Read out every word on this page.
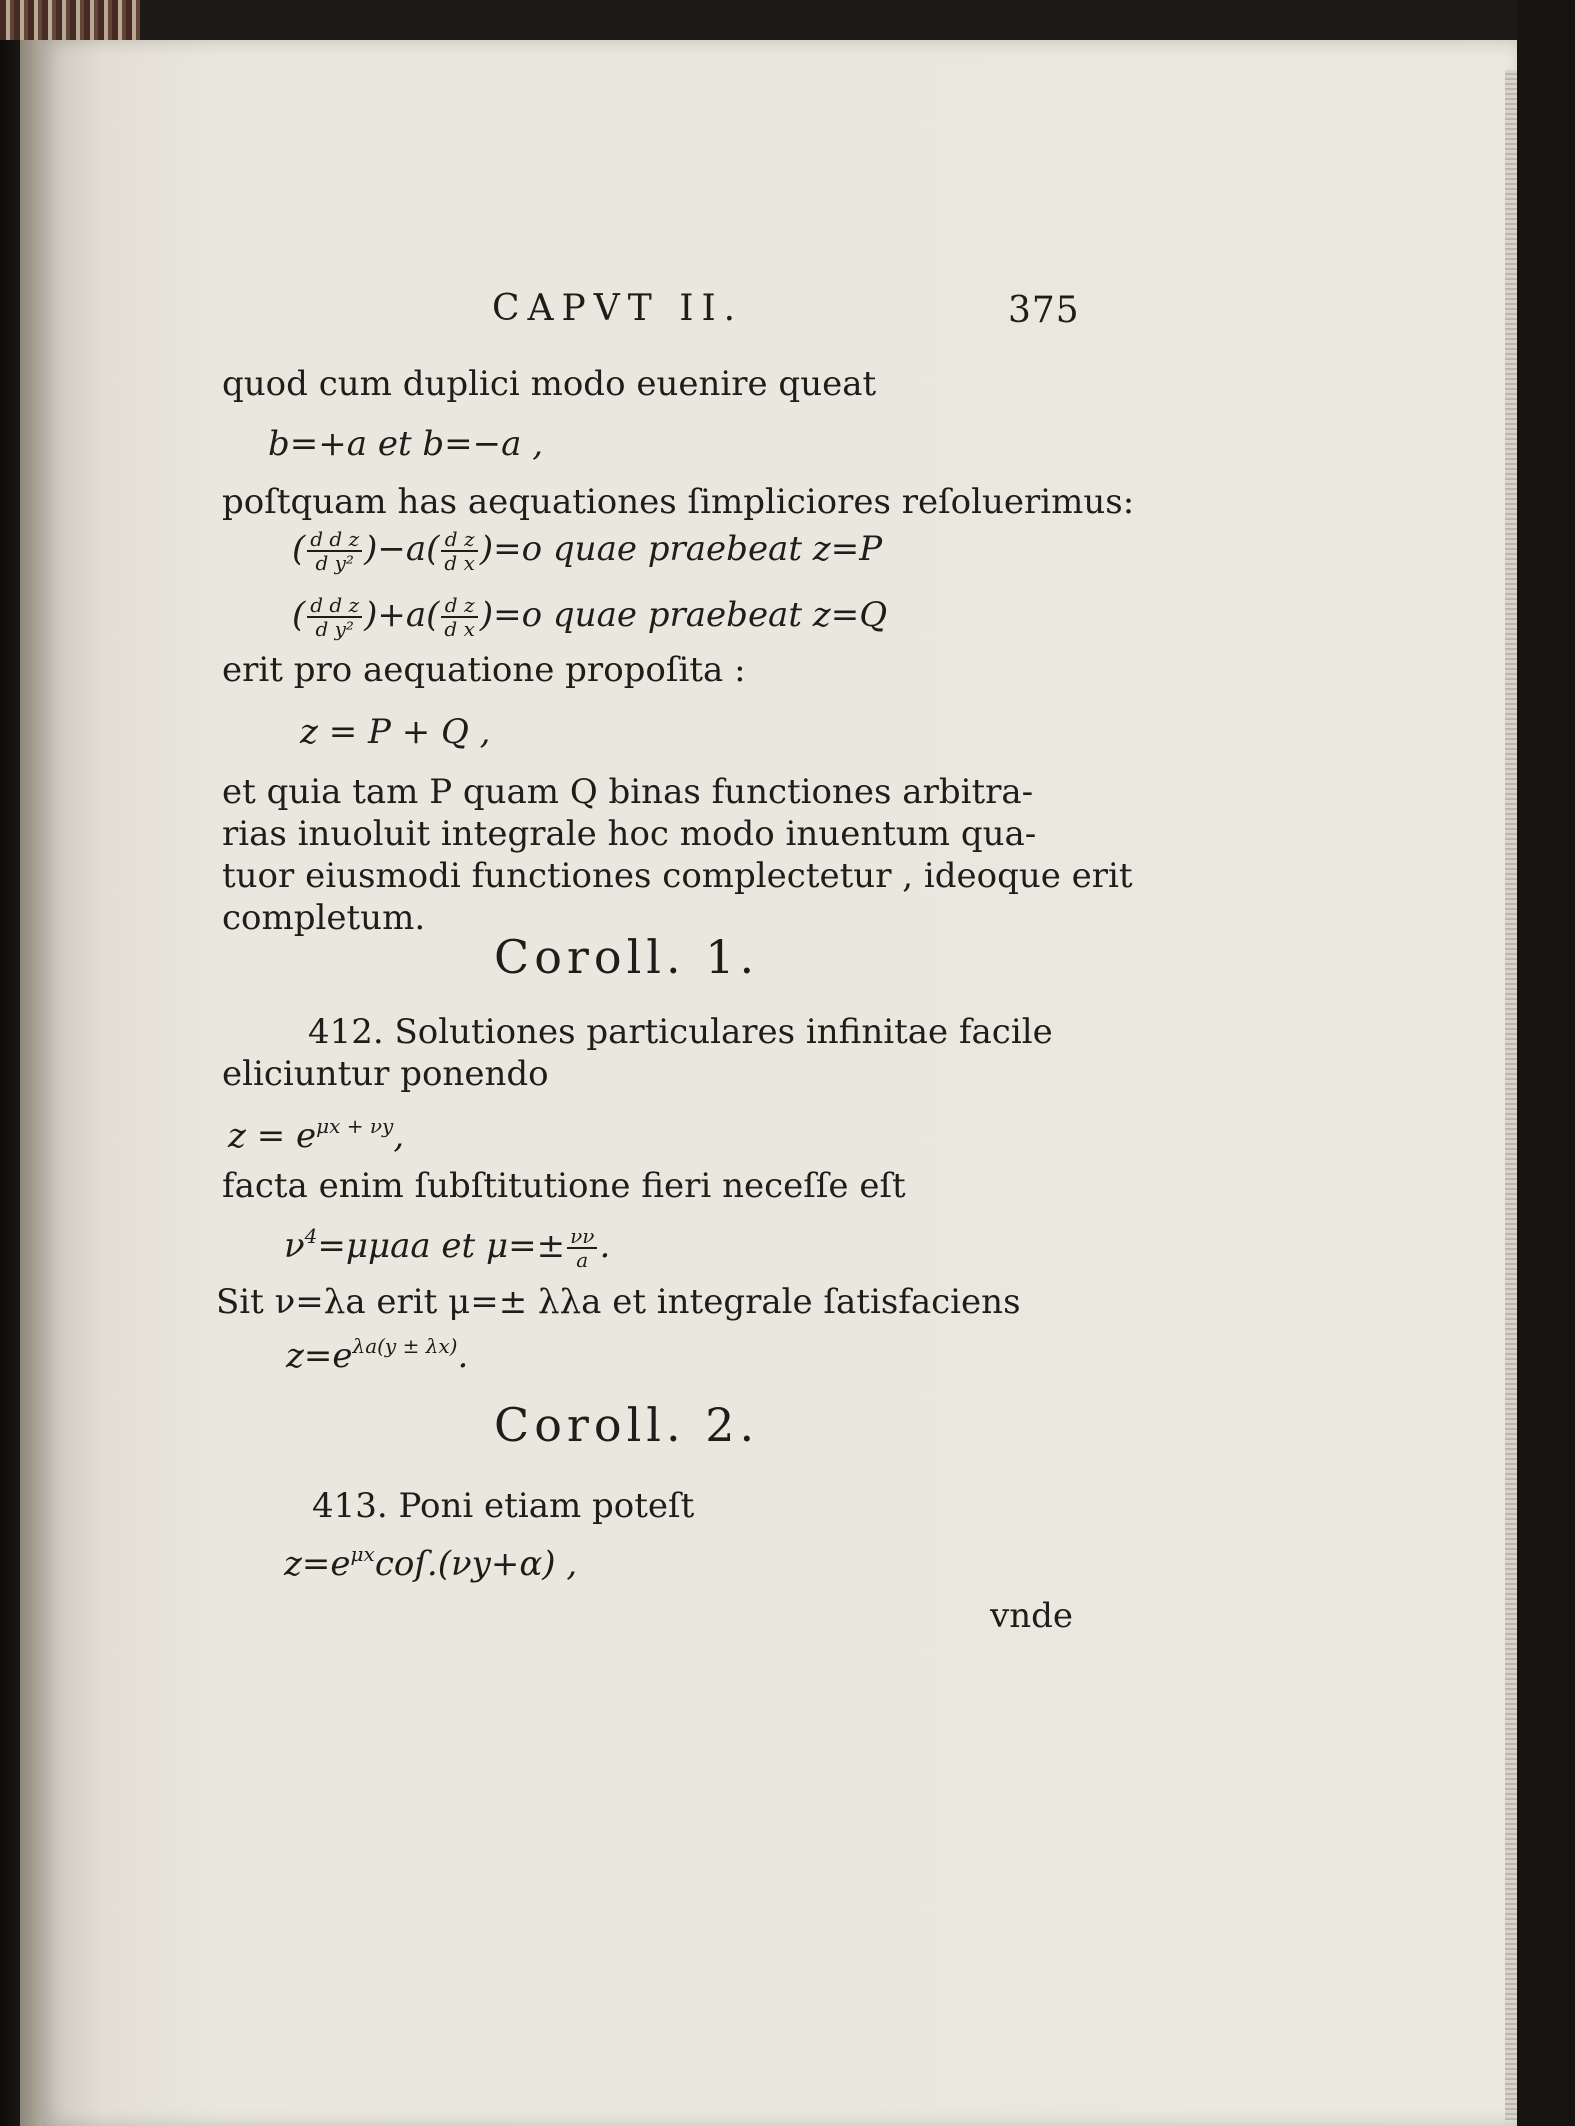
CAPVT II.	375
quod cum duplici modo euenire queat
b=+a et b=−a ,
poſtquam has aequationes ſimpliciores reſoluerimus:
( $\frac{\text{d d z}}{\text{d y²}} )-a( \frac{\text{d z}}{\text{d x}} )=o$ quae praebeat z=P
( $\frac{\text{d d z}}{\text{d y²}} )+a( \frac{\text{d z}}{\text{d x}} )=o$ quae praebeat z=Q
erit pro aequatione propoſita :
z = P + Q ,
et quia tam P quam Q binas functiones arbitra-
rias inuoluit integrale hoc modo inuentum qua-
tuor eiusmodi functiones complectetur , ideoque erit
completum.
Coroll. 1.
412. Solutiones particulares infinitae facile
eliciuntur ponendo
$z = e^{\mu x + \nu y}$,
facta enim ſubſtitutione fieri neceſſe eſt
$\nu^4=\mu\mu aa$ et $\mu=\pm \frac{\nu\nu}{a}$ .
Sit ν=λa erit μ=± λλa et integrale ſatisfaciens
$z=e^{\lambda a(y \pm \lambda x)}$.
Coroll. 2.
413. Poni etiam poteſt
$z=e^{\mu x}coſ.(\nu y+\alpha)$ ,
vnde
